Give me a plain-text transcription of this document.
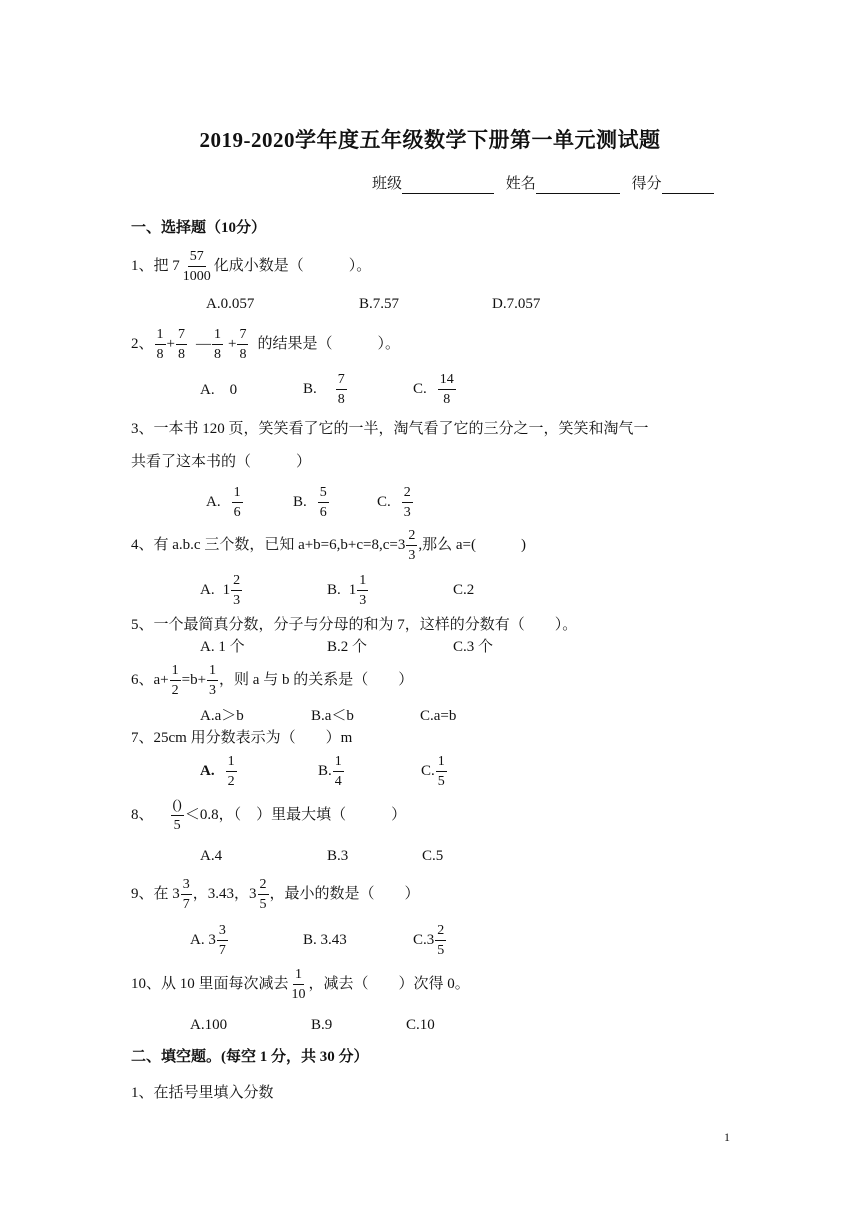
2019-2020学年度五年级数学下册第一单元测试题
班级	姓名	得分
一、选择题（10分）
1、 把 $7 \frac{57}{1000}$ 化成小数是（　　　）。
A.0.057	B.7.57	D.7.057
2、 $\frac{1}{8} + \frac{7}{8}$ — $\frac{1}{8} + \frac{7}{8}$ 的结果是（　　　）。
A.　0	B. $\frac{7}{8}$	C. $\frac{14}{8}$
3、一本书 120 页，笑笑看了它的一半，淘气看了它的三分之一，笑笑和淘气一
共看了这本书的（　　　）
A. $\frac{1}{6}$	B. $\frac{5}{6}$	C. $\frac{2}{3}$
4、有 a.b.c 三个数，已知 $a+b=6,b+c=8,c=3 \frac{2}{3}$ ,那么 a=(　　　)
A. $1 \frac{2}{3}$	B. $1 \frac{1}{3}$	C.2
5、一个最简真分数，分子与分母的和为 7，这样的分数有（　　）。
A. 1 个	B.2 个	C.3 个
6、$a+ \frac{1}{2} =b+ \frac{1}{3}$ ，则 a 与 b 的关系是（　　）
A.a＞b	B.a＜b	C.a=b
7、25cm 用分数表示为（　　）m
A. $\frac{1}{2}$	B. $\frac{1}{4}$	C. $\frac{1}{5}$
8、 $\frac{()}{5} <0.8$，（　）里最大填（　　　）
A.4	B.3	C.5
9、在 $3 \frac{3}{7}$ ，3.43，$3 \frac{2}{5}$ ，最小的数是（　　）
A. $3 \frac{3}{7}$	B. 3.43	$C.3 \frac{2}{5}$
10、从 10 里面每次减去 $\frac{1}{10}$ ，减去（　　）次得 0。
A.100	B.9	C.10
二、填空题。(每空 1 分，共 30 分）
1、在括号里填入分数
1
